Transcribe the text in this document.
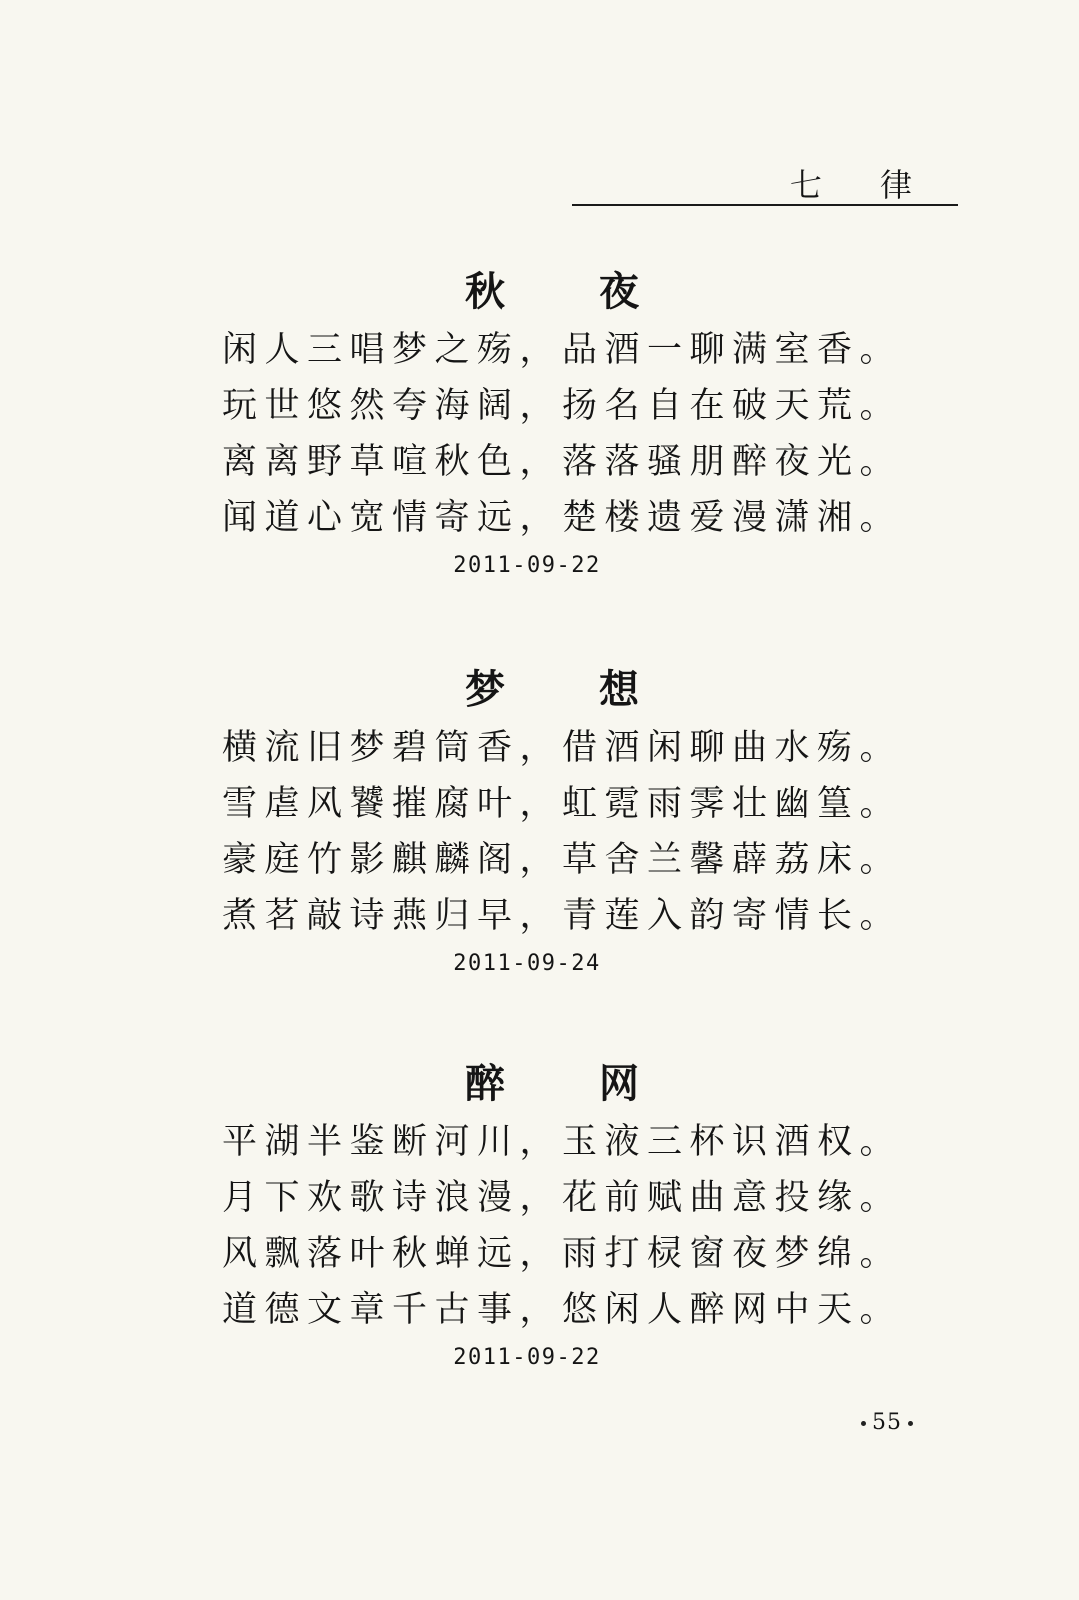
七 律
秋 夜
闲人三唱梦之殇，品酒一聊满室香。
玩世悠然夸海阔，扬名自在破天荒。
离离野草喧秋色，落落骚朋醉夜光。
闻道心宽情寄远，楚楼遗爱漫潇湘。
2011-09-22
梦 想
横流旧梦碧筒香，借酒闲聊曲水殇。
雪虐风饕摧腐叶，虹霓雨霁壮幽篁。
豪庭竹影麒麟阁，草舍兰馨薜荔床。
煮茗敲诗燕归早，青莲入韵寄情长。
2011-09-24
醉 网
平湖半鉴断河川，玉液三杯识酒权。
月下欢歌诗浪漫，花前赋曲意投缘。
风飘落叶秋蝉远，雨打棂窗夜梦绵。
道德文章千古事，悠闲人醉网中天。
2011-09-22
55
